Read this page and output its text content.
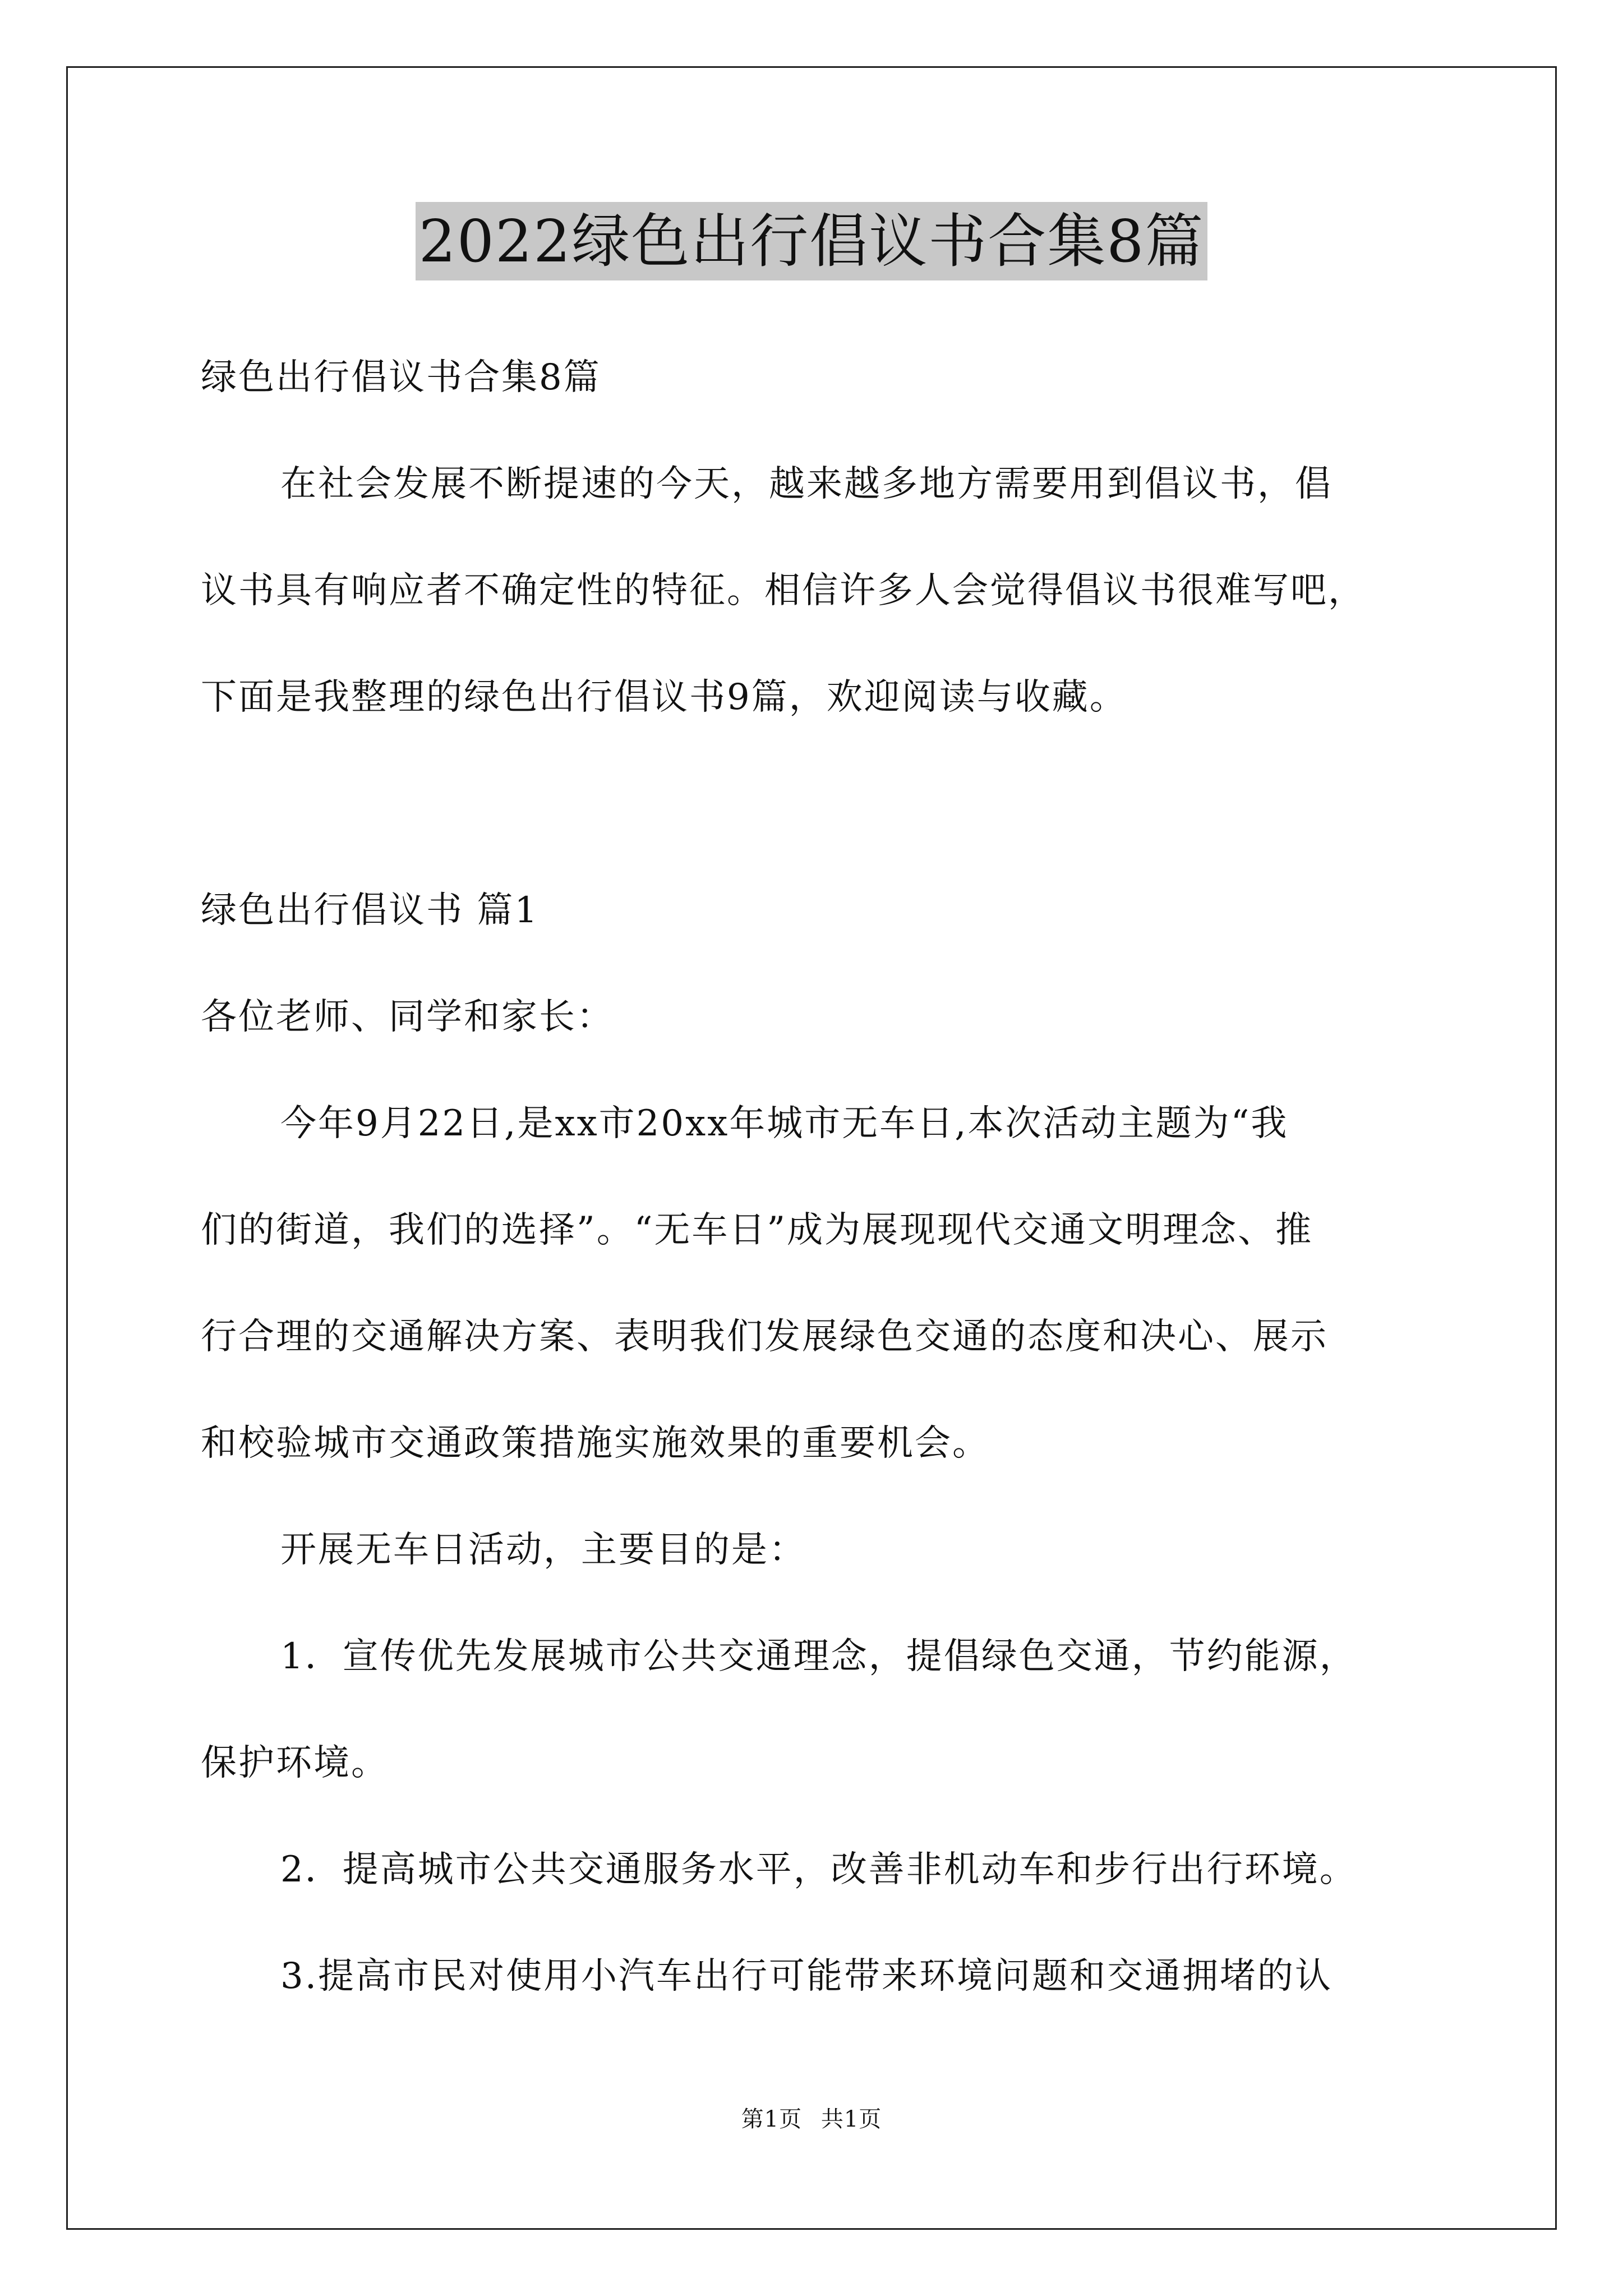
2022绿色出行倡议书合集8篇

绿色出行倡议书合集8篇

在社会发展不断提速的今天，越来越多地方需要用到倡议书，倡

议书具有响应者不确定性的特征。相信许多人会觉得倡议书很难写吧，

下面是我整理的绿色出行倡议书9篇，欢迎阅读与收藏。

绿色出行倡议书 篇1

各位老师、同学和家长：

今年9月22日,是xx市20xx年城市无车日,本次活动主题为“我

们的街道，我们的选择”。“无车日”成为展现现代交通文明理念、推

行合理的交通解决方案、表明我们发展绿色交通的态度和决心、展示

和校验城市交通政策措施实施效果的重要机会。

开展无车日活动，主要目的是：

1．宣传优先发展城市公共交通理念，提倡绿色交通，节约能源，

保护环境。

2．提高城市公共交通服务水平，改善非机动车和步行出行环境。

3.提高市民对使用小汽车出行可能带来环境问题和交通拥堵的认

第1页 共1页
